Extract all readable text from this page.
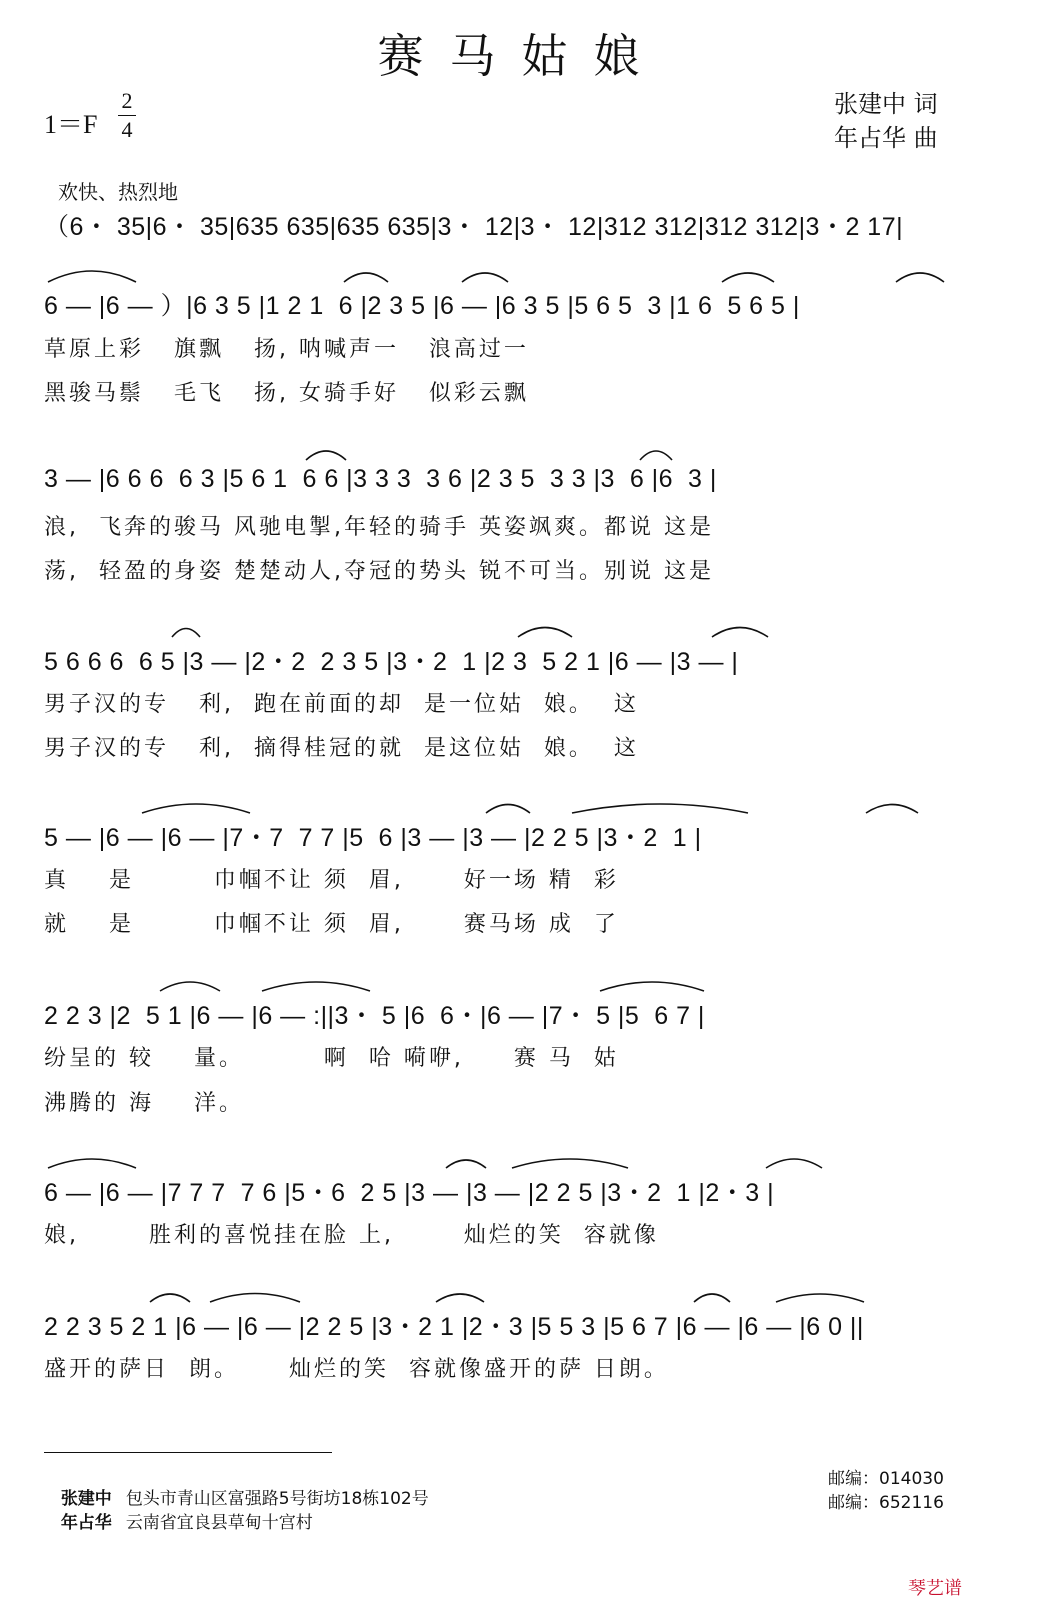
赛马姑娘
1＝F
2
4
张建中 词
年占华 曲
欢快、热烈地
（6・ 35|6・ 35|635 635|635 635|3・ 12|3・ 12|312 312|312 312|3・2 17|
6 — |6 — ）|6 3 5 |1 2 1  6 |2 3 5 |6 — |6 3 5 |5 6 5  3 |1 6  5 6 5 |
草原上彩   旗飘   扬, 呐喊声一   浪高过一
黑骏马鬃   毛飞   扬, 女骑手好   似彩云飘
3 — |6 6 6  6 3 |5 6 1  6 6 |3 3 3  3 6 |2 3 5  3 3 |3  6 |6  3 |
浪,  飞奔的骏马 风驰电掣,年轻的骑手 英姿飒爽。都说 这是
荡,  轻盈的身姿 楚楚动人,夺冠的势头 锐不可当。别说 这是
5 6 6 6  6 5 |3 — |2・2  2 3 5 |3・2  1 |2 3  5 2 1 |6 — |3 — |
男子汉的专   利,  跑在前面的却  是一位姑  娘。  这
男子汉的专   利,  摘得桂冠的就  是这位姑  娘。  这
5 — |6 — |6 — |7・7  7 7 |5  6 |3 — |3 — |2 2 5 |3・2  1 |
真    是        巾帼不让 须  眉,      好一场 精  彩
就    是        巾帼不让 须  眉,      赛马场 成  了
2 2 3 |2  5 1 |6 — |6 — :||3・ 5 |6  6・|6 — |7・ 5 |5  6 7 |
纷呈的 较    量。        啊  哈 嗬咿,     赛 马  姑
沸腾的 海    洋。
6 — |6 — |7 7 7  7 6 |5・6  2 5 |3 — |3 — |2 2 5 |3・2  1 |2・3 |
娘,       胜利的喜悦挂在脸 上,       灿烂的笑  容就像
2 2 3 5 2 1 |6 — |6 — |2 2 5 |3・2 1 |2・3 |5 5 3 |5 6 7 |6 — |6 — |6 0 ||
盛开的萨日  朗。     灿烂的笑  容就像盛开的萨 日朗。

张建中 包头市青山区富强路5号街坊18栋102号

邮编：014030

年占华 云南省宜良县草甸十宫村

邮编：652116
琴艺谱
